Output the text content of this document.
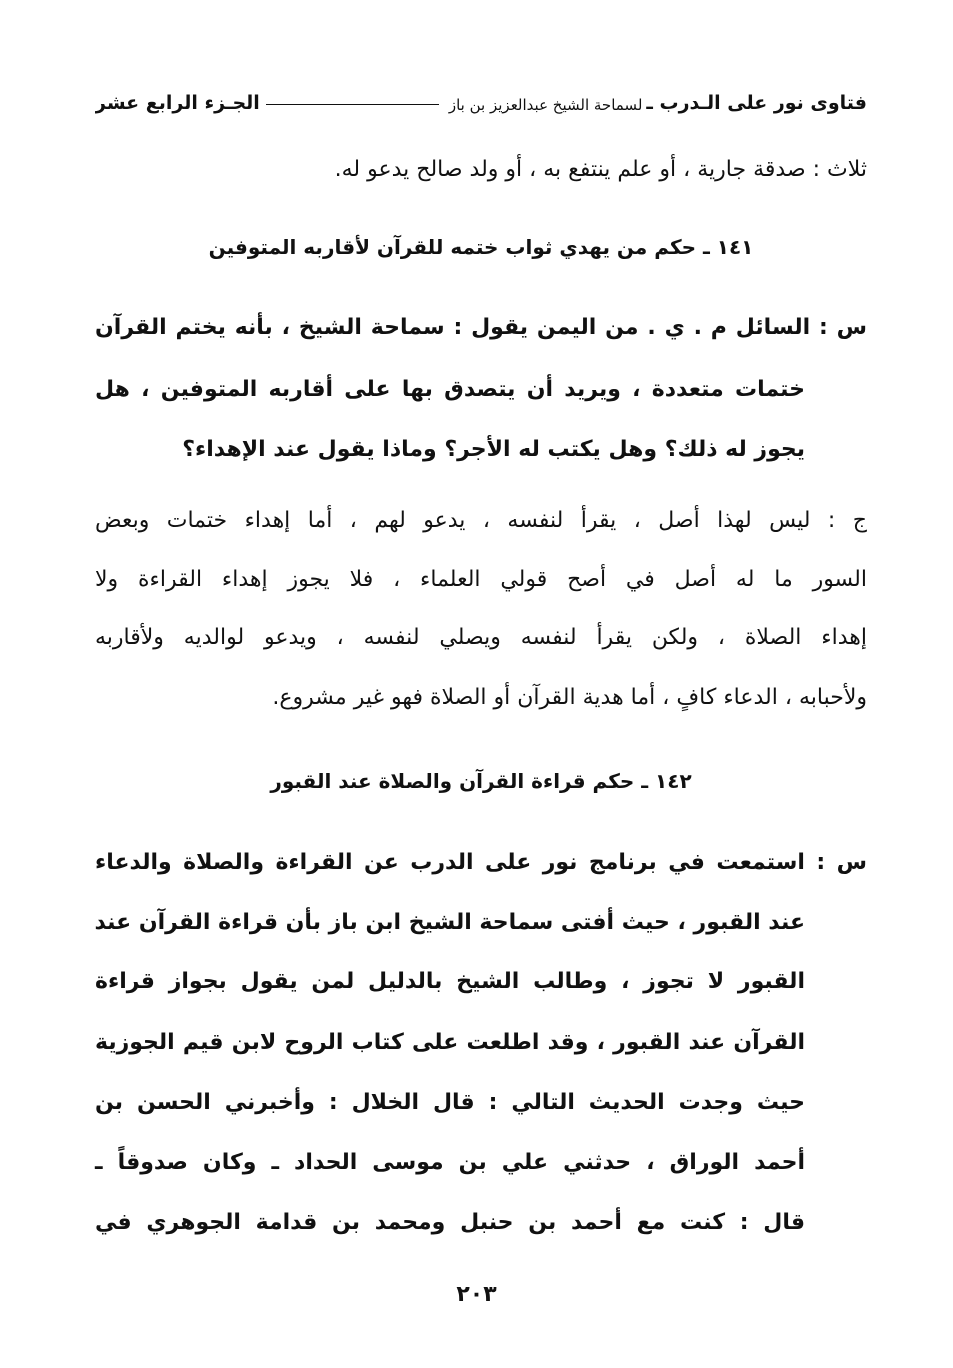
فتاوى نور على الـدرب ـ
لسماحة الشيخ عبدالعزيز بن باز
الجـزء الرابع عشر
ثلاث : صدقة جارية ، أو علم ينتفع به ، أو ولد صالح يدعو له.
١٤١ ـ حكم من يهدي ثواب ختمه للقرآن لأقاربه المتوفين
س : السائل م . ي . من اليمن يقول : سماحة الشيخ ، بأنه يختم القرآن
ختمات متعددة ، ويريد أن يتصدق بها على أقاربه المتوفين ، هل
يجوز له ذلك؟ وهل يكتب له الأجر؟ وماذا يقول عند الإهداء؟
ج : ليس لهذا أصل ، يقرأ لنفسه ، يدعو لهم ، أما إهداء ختمات وبعض
السور ما له أصل في أصح قولي العلماء ، فلا يجوز إهداء القراءة ولا
إهداء الصلاة ، ولكن يقرأ لنفسه ويصلي لنفسه ، ويدعو لوالديه ولأقاربه
ولأحبابه ، الدعاء كافٍ ، أما هدية القرآن أو الصلاة فهو غير مشروع.
١٤٢ ـ حكم قراءة القرآن والصلاة عند القبور
س : استمعت في برنامج نور على الدرب عن القراءة والصلاة والدعاء
عند القبور ، حيث أفتى سماحة الشيخ ابن باز بأن قراءة القرآن عند
القبور لا تجوز ، وطالب الشيخ بالدليل لمن يقول بجواز قراءة
القرآن عند القبور ، وقد اطلعت على كتاب الروح لابن قيم الجوزية
حيث وجدت الحديث التالي : قال الخلال : وأخبرني الحسن بن
أحمد الوراق ، حدثني علي بن موسى الحداد ـ وكان صدوقاً ـ
قال : كنت مع أحمد بن حنبل ومحمد بن قدامة الجوهري في
٢٠٣
